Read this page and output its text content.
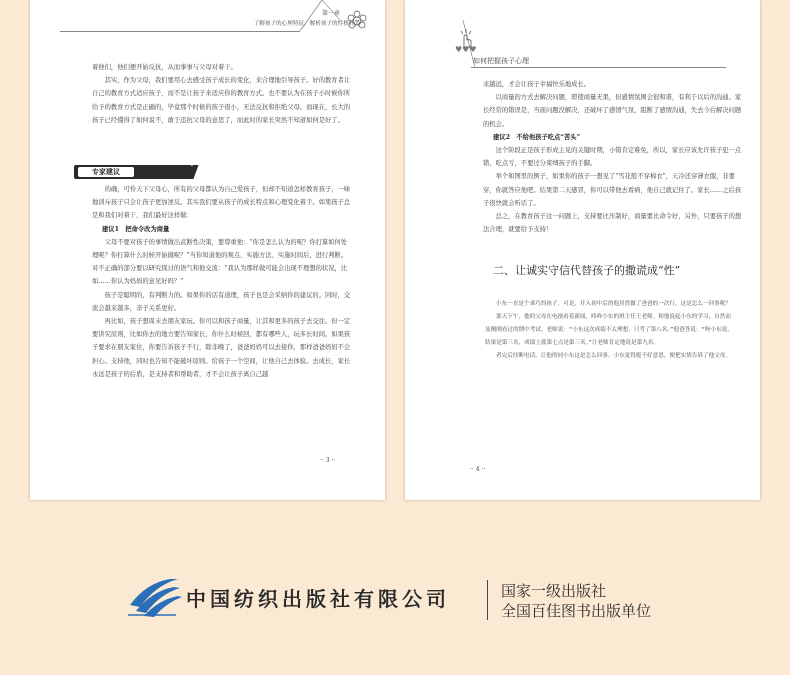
第一章
了解孩子的心理特征，解析孩子的性格行为

着他们，他们便开始反抗，从而事事与父母对着干。

其实，作为父母，我们要用心去感受孩子成长的变化，来合理地引导孩子。好的教育者让自己的教育方式适应孩子，而不是让孩子来适应你的教育方式。也不要认为在孩子小时候你所给予的教育方式是正确的，毕竟那个时候的孩子很小，无法反抗和拒绝父母。而现在，长大的孩子已经懂得了如何说不，敢于违抗父母的意思了，而此时的家长突然不知道如何是好了。

专家建议

的确，可怜天下父母心，所有的父母都认为自己爱孩子，但却不知道怎样教育孩子，一味地训斥孩子只会让孩子更加逆反。其实我们要从孩子的成长特点和心理变化着手。如果孩子总是和我们对着干，我们最好这样做：

建议1　把命令改为商量

父母不要对孩子的事情做出武断性决策，要尊重他：“你是怎么认为的呢？你打算如何处理呢？你打算什么时候开始做呢？”当你知道他的观点、实施方法、实施时间后，进行判断。对不正确的部分要以研究探讨的语气和他交流：“我认为那样做可能会出现不理想的状况，比如……你认为妈妈的意见好吗？”

孩子是聪明的，有判断力的。如果你的话有道理，孩子也是会采纳你的建议的。同时，交流会越来越多，亲子关系更好。

再比如，孩子想周末去朋友家玩。你可以和孩子商量，让其和更多的孩子去交往。但一定要讲究原则，比如你去的地方要告知家长，你什么时候回，都有哪些人，玩多长时间。如果孩子要求在朋友家住，你要告诉孩子不行，除非晚了，爸爸妈妈可以去接你，那样爸爸妈妈不会担心。支持他，同时也告知不能破坏原则。给孩子一个空间，让他自己去体验。去成长，家长永远是孩子的后盾，是支持者和帮助者，才不会让孩子离自己越

·· 3 ··
♥♥♥
如何把握孩子心理

来越远，才会让孩子幸福快乐地成长。

以商量的方式去解决问题，即使商量无果，但感情氛围会很和谐，有利于以后的沟通。家长经常的错误是，当面问题没解决，还破坏了感情气氛，阻断了感情沟通，失去今后解决问题的机会。

建议2　不给他孩子吃点“苦头”

这个阶段正是孩子形成主见的关键时期，小错肯定难免，所以，家长应该允许孩子犯一点错，吃点亏，不要过分束缚孩子的手脚。

举个和图里的例子，如果你的孩子一想见了“雪花般不穿棉衣”，天冷还穿薄衣服，非要穿，你就答应他吧。结果第二天感冒，你可以带他去看病，他自己就记住了。家长……之后孩子很快就会听话了。

总之，在教育孩子这一问题上，支持要比压制好，商量要比命令好，另外，只要孩子的想法合理，就要给予支持！

二、让诚实守信代替孩子的撒谎成“性”

小东一直是个乖巧的孩子，可是，开入初中后的他居然做了爸爸的一次行，这是怎么一回事呢？

那天下午，他的父母在电视看着新闻，咚咚小东的班主任王老师。和他说起小东的学习，自然而及刚刚看过的期中考试，老师说：“小东这次成绩不太理想，只考了第八名。”他爸答说：“呀小东说，结果是第三名，成绩上涨第七点是第三名。”让老师肯定地说是第九名。

者完后挂断电话，让他的同小东这是怎么回事。小东觉得挺不好意思，便把实情告诉了他父母。

·· 4 ··
中国纺织出版社有限公司	国家一级出版社
全国百佳图书出版单位
